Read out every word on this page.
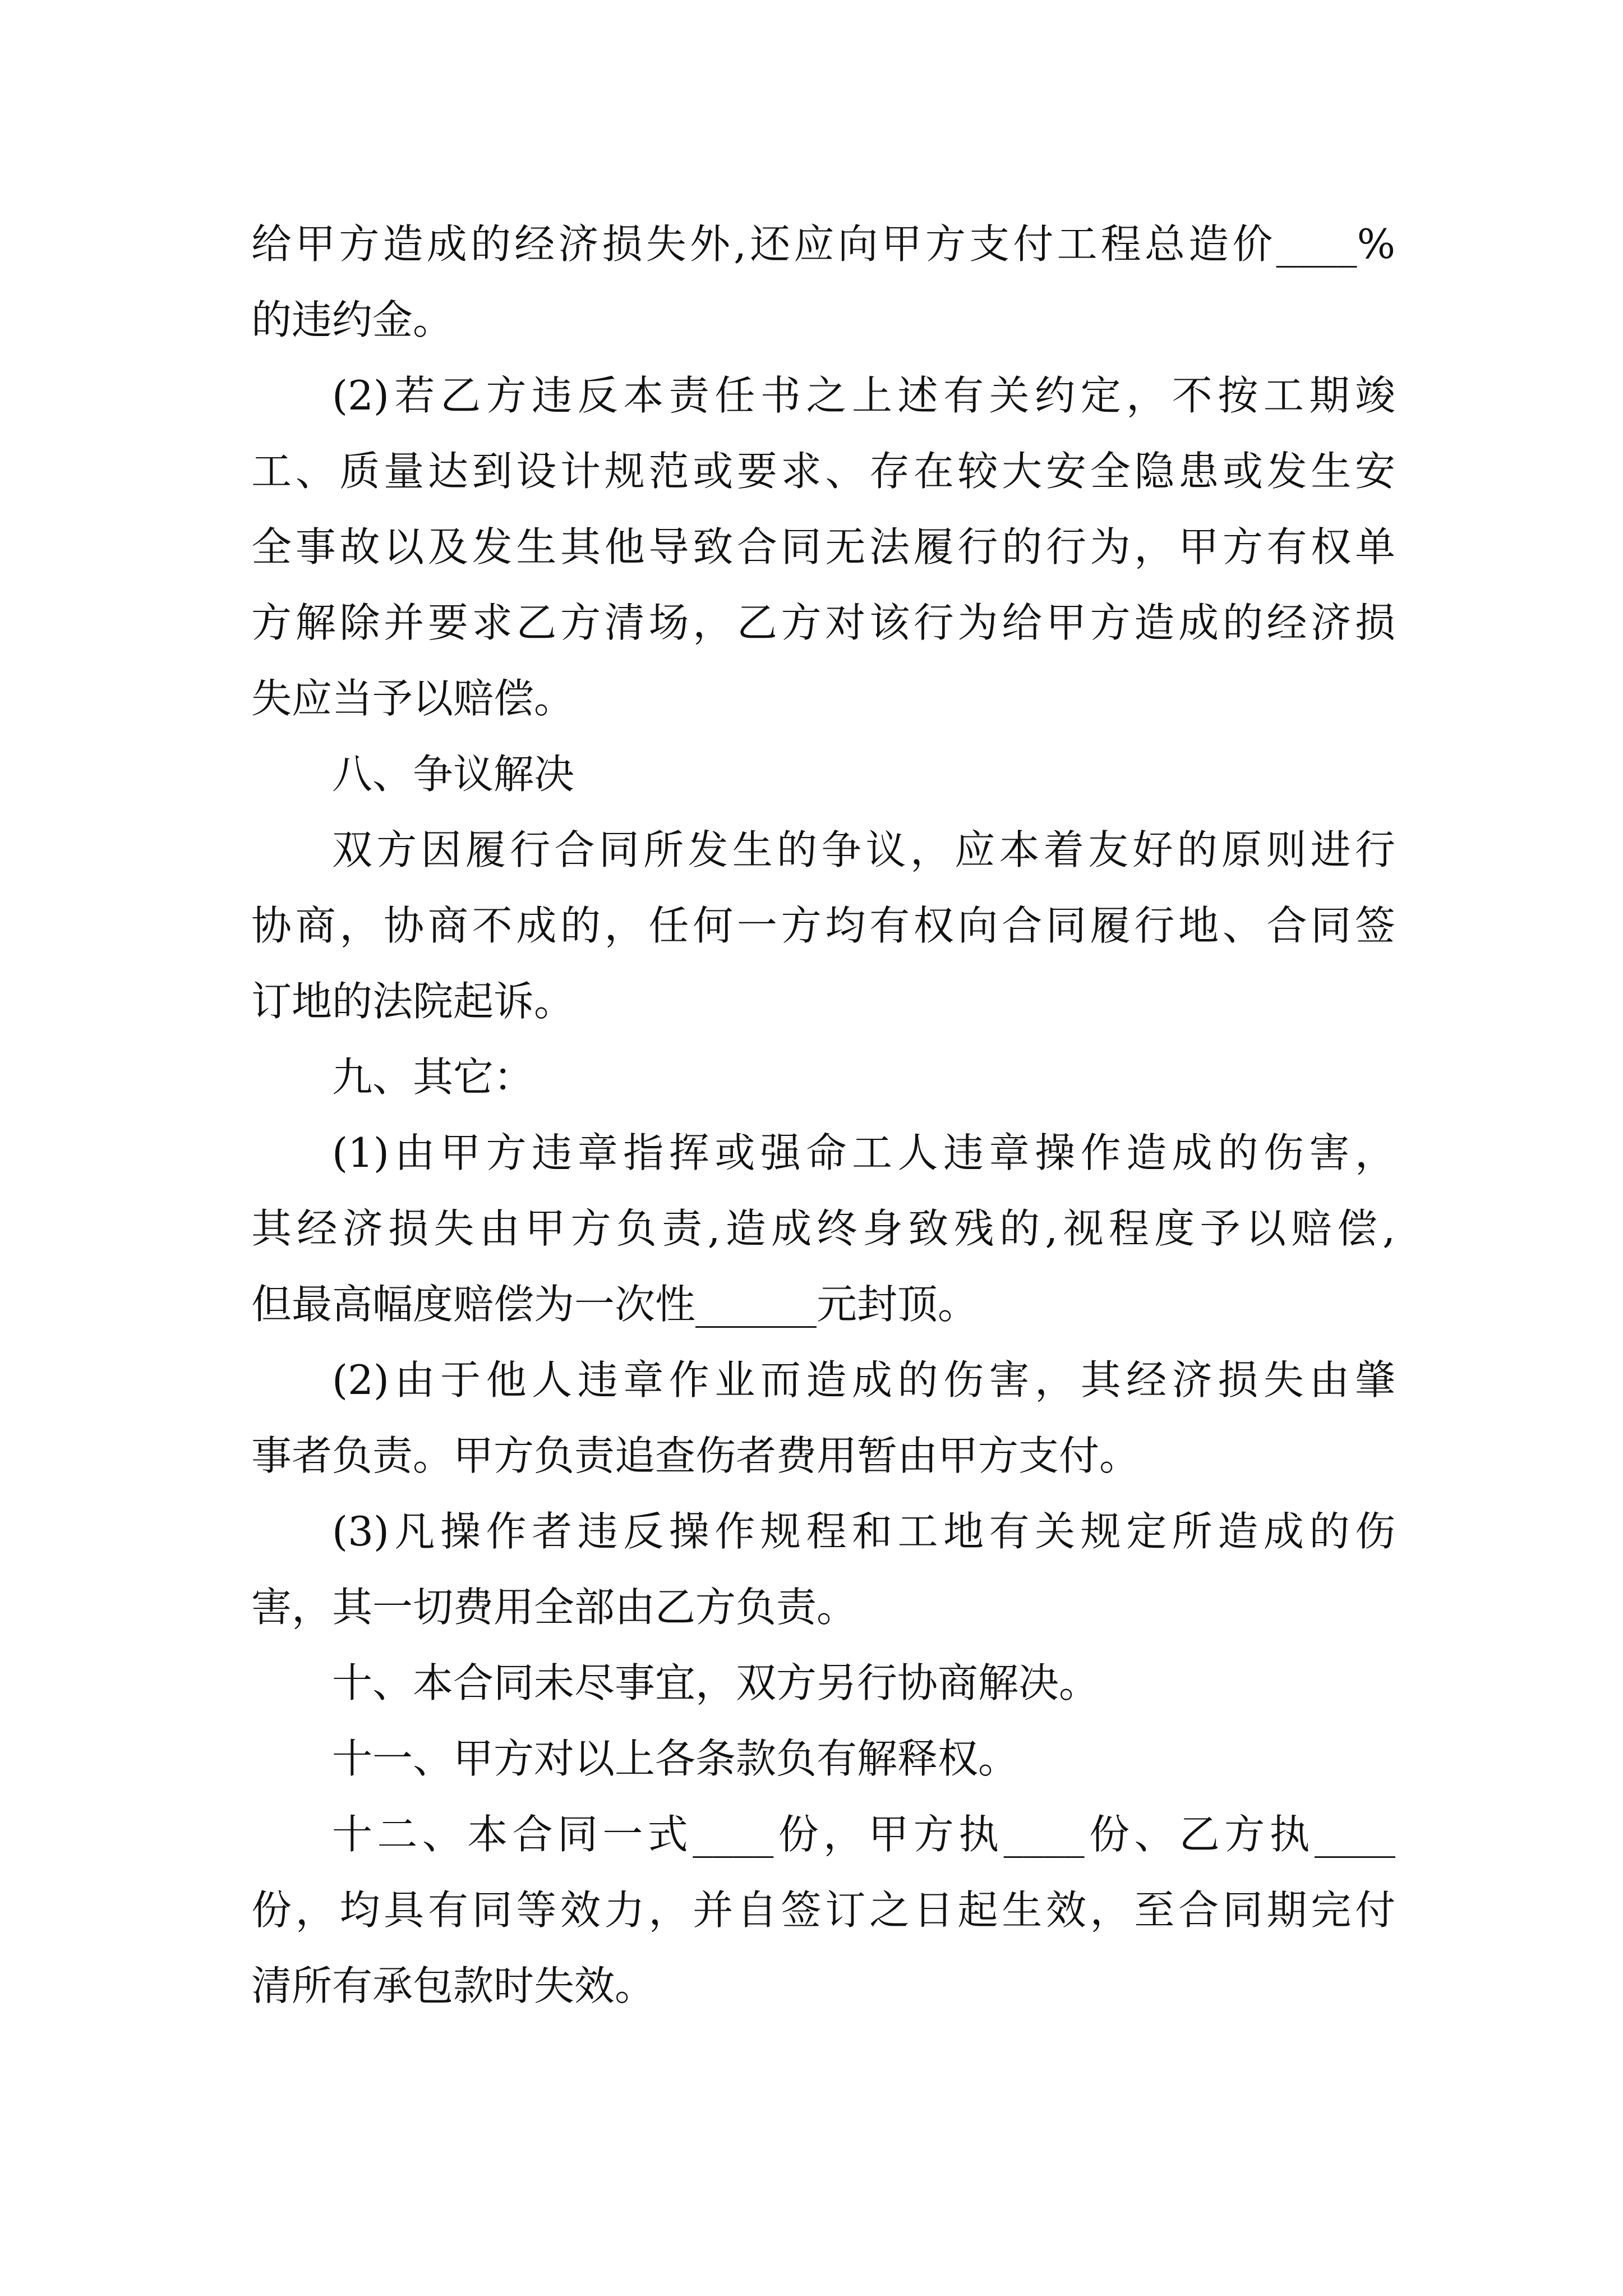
给甲方造成的经济损失外,还应向甲方支付工程总造价____%
的违约金。
(2)若乙方违反本责任书之上述有关约定，不按工期竣
工、质量达到设计规范或要求、存在较大安全隐患或发生安
全事故以及发生其他导致合同无法履行的行为，甲方有权单
方解除并要求乙方清场，乙方对该行为给甲方造成的经济损
失应当予以赔偿。
八、争议解决
双方因履行合同所发生的争议，应本着友好的原则进行
协商，协商不成的，任何一方均有权向合同履行地、合同签
订地的法院起诉。
九、其它：
(1)由甲方违章指挥或强命工人违章操作造成的伤害，
其经济损失由甲方负责,造成终身致残的,视程度予以赔偿,
但最高幅度赔偿为一次性______元封顶。
(2)由于他人违章作业而造成的伤害，其经济损失由肇
事者负责。甲方负责追查伤者费用暂由甲方支付。
(3)凡操作者违反操作规程和工地有关规定所造成的伤
害，其一切费用全部由乙方负责。
十、本合同未尽事宜，双方另行协商解决。
十一、甲方对以上各条款负有解释权。
十二、本合同一式____份，甲方执____份、乙方执____
份，均具有同等效力，并自签订之日起生效，至合同期完付
清所有承包款时失效。
